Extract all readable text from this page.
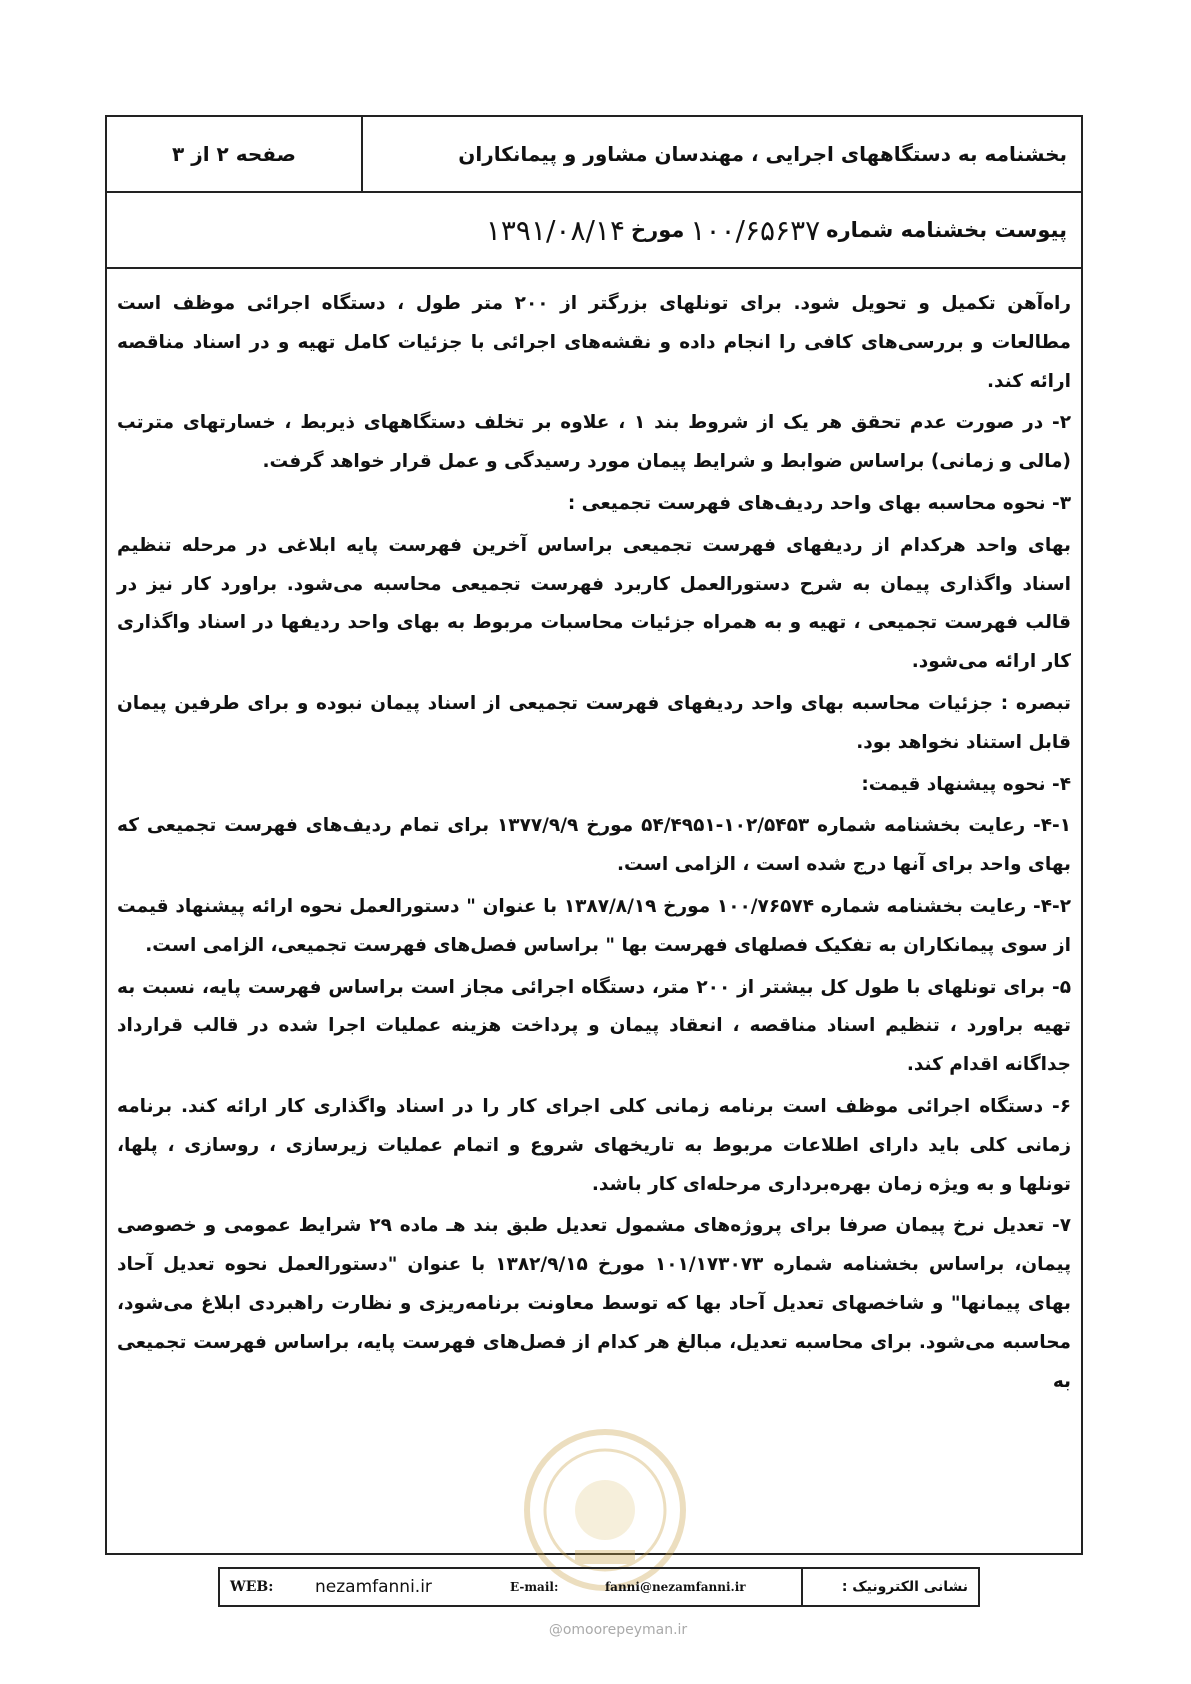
بخشنامه به دستگاههای اجرایی ، مهندسان مشاور و پیمانکاران
صفحه ۲ از ۳
پیوست بخشنامه شماره
۱۰۰/۶۵۶۳۷
مورخ
۱۳۹۱/۰۸/۱۴

راه‌آهن تکمیل و تحویل شود. برای تونلهای بزرگتر از ۲۰۰ متر طول ، دستگاه اجرائی موظف است مطالعات و بررسی‌های کافی را انجام داده و نقشه‌های اجرائی با جزئیات کامل تهیه و در اسناد مناقصه ارائه کند.

۲- در صورت عدم تحقق هر یک از شروط بند ۱ ، علاوه بر تخلف دستگاههای ذیربط ، خسارتهای مترتب (مالی و زمانی) براساس ضوابط و شرایط پیمان مورد رسیدگی و عمل قرار خواهد گرفت.

۳- نحوه محاسبه بهای واحد ردیف‌های فهرست تجمیعی :

بهای واحد هرکدام از ردیفهای فهرست تجمیعی براساس آخرین فهرست پایه ابلاغی در مرحله تنظیم اسناد واگذاری پیمان به شرح دستورالعمل کاربرد فهرست تجمیعی محاسبه می‌شود. براورد کار نیز در قالب فهرست تجمیعی ، تهیه و به همراه جزئیات محاسبات مربوط به بهای واحد ردیفها در اسناد واگذاری کار ارائه می‌شود.

تبصره : جزئیات محاسبه بهای واحد ردیفهای فهرست تجمیعی از اسناد پیمان نبوده و برای طرفین پیمان قابل استناد نخواهد بود.

۴- نحوه پیشنهاد قیمت:

۴-۱- رعایت بخشنامه شماره ۱۰۲/۵۴۵۳-۵۴/۴۹۵۱ مورخ ۱۳۷۷/۹/۹ برای تمام ردیف‌های فهرست تجمیعی که بهای واحد برای آنها درج شده است ، الزامی است.

۴-۲- رعایت بخشنامه شماره ۱۰۰/۷۶۵۷۴ مورخ ۱۳۸۷/۸/۱۹ با عنوان " دستورالعمل نحوه ارائه پیشنهاد قیمت از سوی پیمانکاران به تفکیک فصلهای فهرست بها " براساس فصل‌های فهرست تجمیعی، الزامی است.

۵- برای تونلهای با طول کل بیشتر از ۲۰۰ متر، دستگاه اجرائی مجاز است براساس فهرست پایه، نسبت به تهیه براورد ، تنظیم اسناد مناقصه ، انعقاد پیمان و پرداخت هزینه عملیات اجرا شده در قالب قرارداد جداگانه اقدام کند.

۶- دستگاه اجرائی موظف است برنامه زمانی کلی اجرای کار را در اسناد واگذاری کار ارائه کند. برنامه زمانی کلی باید دارای اطلاعات مربوط به تاریخهای شروع و اتمام عملیات زیرسازی ، روسازی ، پلها، تونلها و به ویژه زمان بهره‌برداری مرحله‌ای کار باشد.

۷- تعدیل نرخ پیمان صرفا برای پروژه‌های مشمول تعدیل طبق بند هـ ماده ۲۹ شرایط عمومی و خصوصی پیمان، براساس بخشنامه شماره ۱۰۱/۱۷۳۰۷۳ مورخ ۱۳۸۲/۹/۱۵ با عنوان "دستورالعمل نحوه تعدیل آحاد بهای پیمانها" و شاخصهای تعدیل آحاد بها که توسط معاونت برنامه‌ریزی و نظارت راهبردی ابلاغ می‌شود، محاسبه می‌شود. برای محاسبه تعدیل، مبالغ هر کدام از فصل‌های فهرست پایه، براساس فهرست تجمیعی به

WEB: nezamfanni.ir	E-mail:	fanni@nezamfanni.ir	نشانی الکترونیک :
@omoorepeyman.ir
